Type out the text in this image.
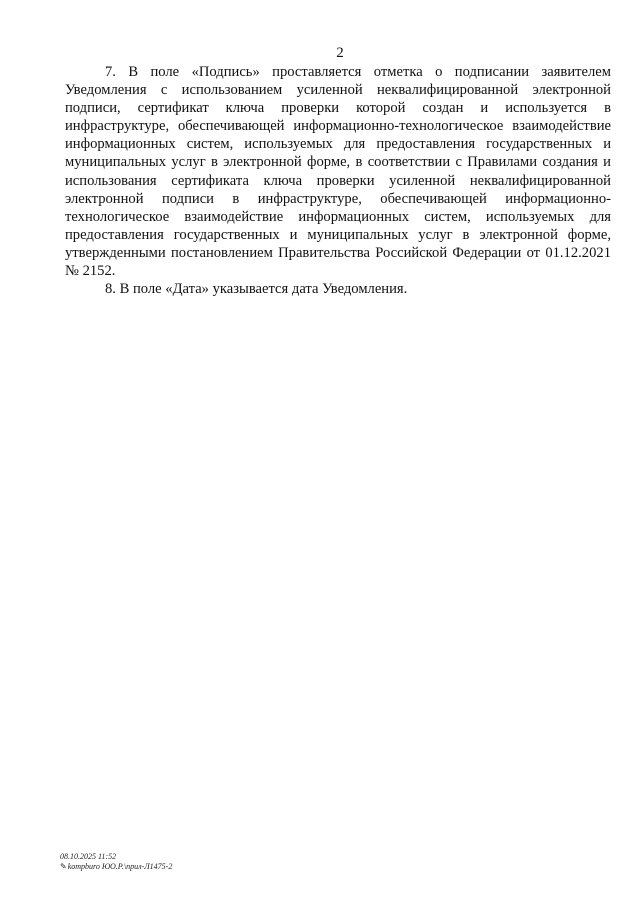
2

7. В поле «Подпись» проставляется отметка о подписании заявителем Уведомления с использованием усиленной неквалифицированной электронной подписи, сертификат ключа проверки которой создан и используется в инфраструктуре, обеспечивающей информационно-технологическое взаимодействие информационных систем, используемых для предоставления государственных и муниципальных услуг в электронной форме, в соответствии с Правилами создания и использования сертификата ключа проверки усиленной неквалифицированной электронной подписи в инфраструктуре, обеспечивающей информационно-технологическое взаимодействие информационных систем, используемых для предоставления государственных и муниципальных услуг в электронной форме, утвержденными постановлением Правительства Российской Федерации от 01.12.2021 № 2152.

8. В поле «Дата» указывается дата Уведомления.

08.10.2025 11:52
✎kompburo ЮО.Р.\прил-Л1475-2
